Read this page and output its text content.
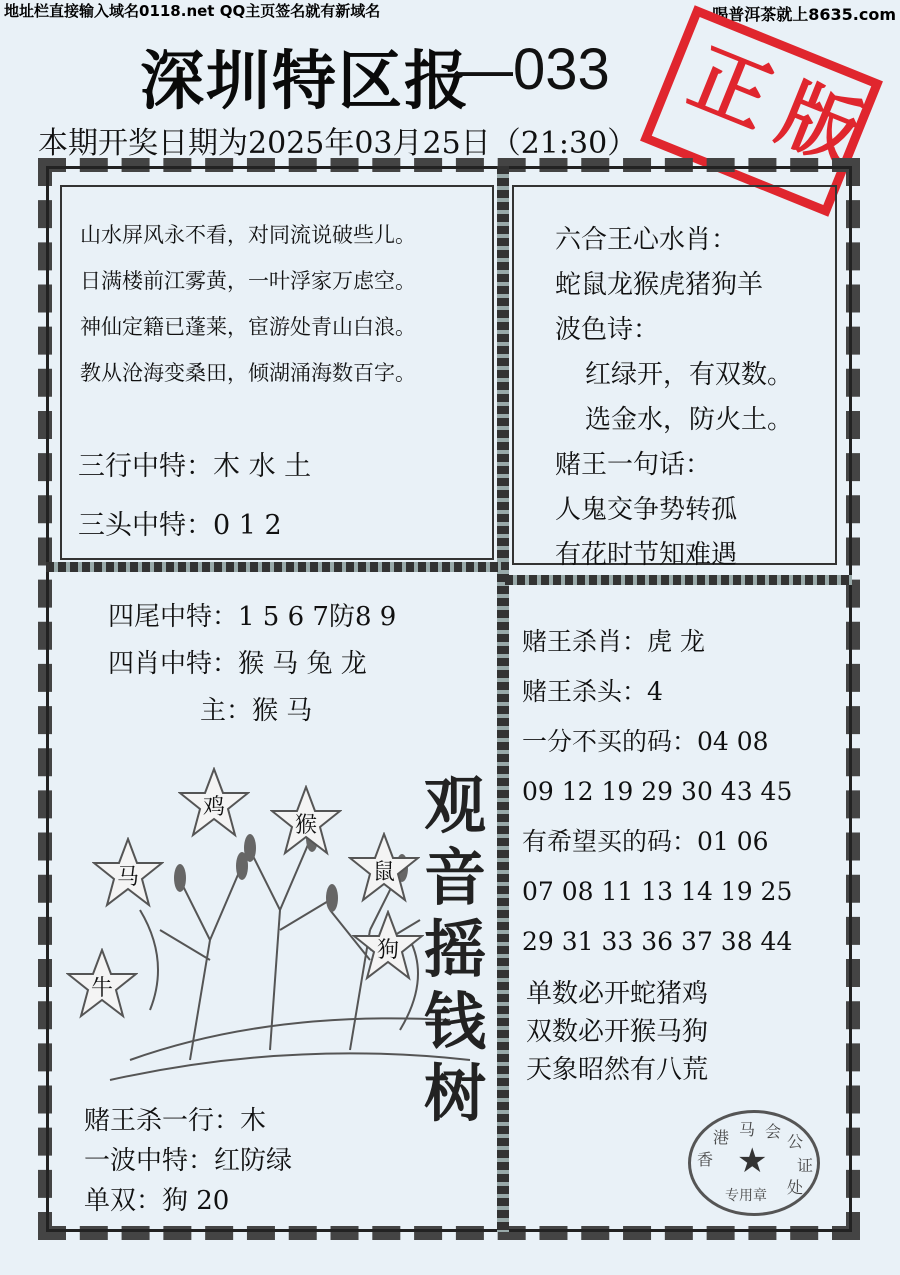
地址栏直接输入域名0118.net QQ主页签名就有新域名	喝普洱茶就上8635.com
深圳特区报
—033 正版
本期开奖日期为2025年03月25日（21:30）
山水屏风永不看，对同流说破些儿。
日满楼前江雾黄，一叶浮家万虑空。
神仙定籍已蓬莱，宦游处青山白浪。
教从沧海变桑田，倾湖涌海数百字。
三行中特：木 水 土
三头中特：0 1 2
六合王心水肖：
蛇鼠龙猴虎猪狗羊
波色诗：
红绿开，有双数。
选金水，防火土。
赌王一句话：
人鬼交争势转孤
有花时节知难遇
四尾中特：1 5 6 7防8 9
四肖中特：猴 马 兔 龙
主：猴 马
鸡
猴
马	鼠
狗
牛
观
音
摇
钱
树
赌王杀一行：木
一波中特：红防绿
单双：狗 20
赌王杀肖：虎 龙
赌王杀头：4
一分不买的码：04 08
09 12 19 29 30 43 45
有希望买的码：01 06
07 08 11 13 14 19 25
29 31 33 36 37 38 44
单数必开蛇猪鸡
双数必开猴马狗
天象昭然有八荒
香
港 马 会
公
证
处
★
专用章
